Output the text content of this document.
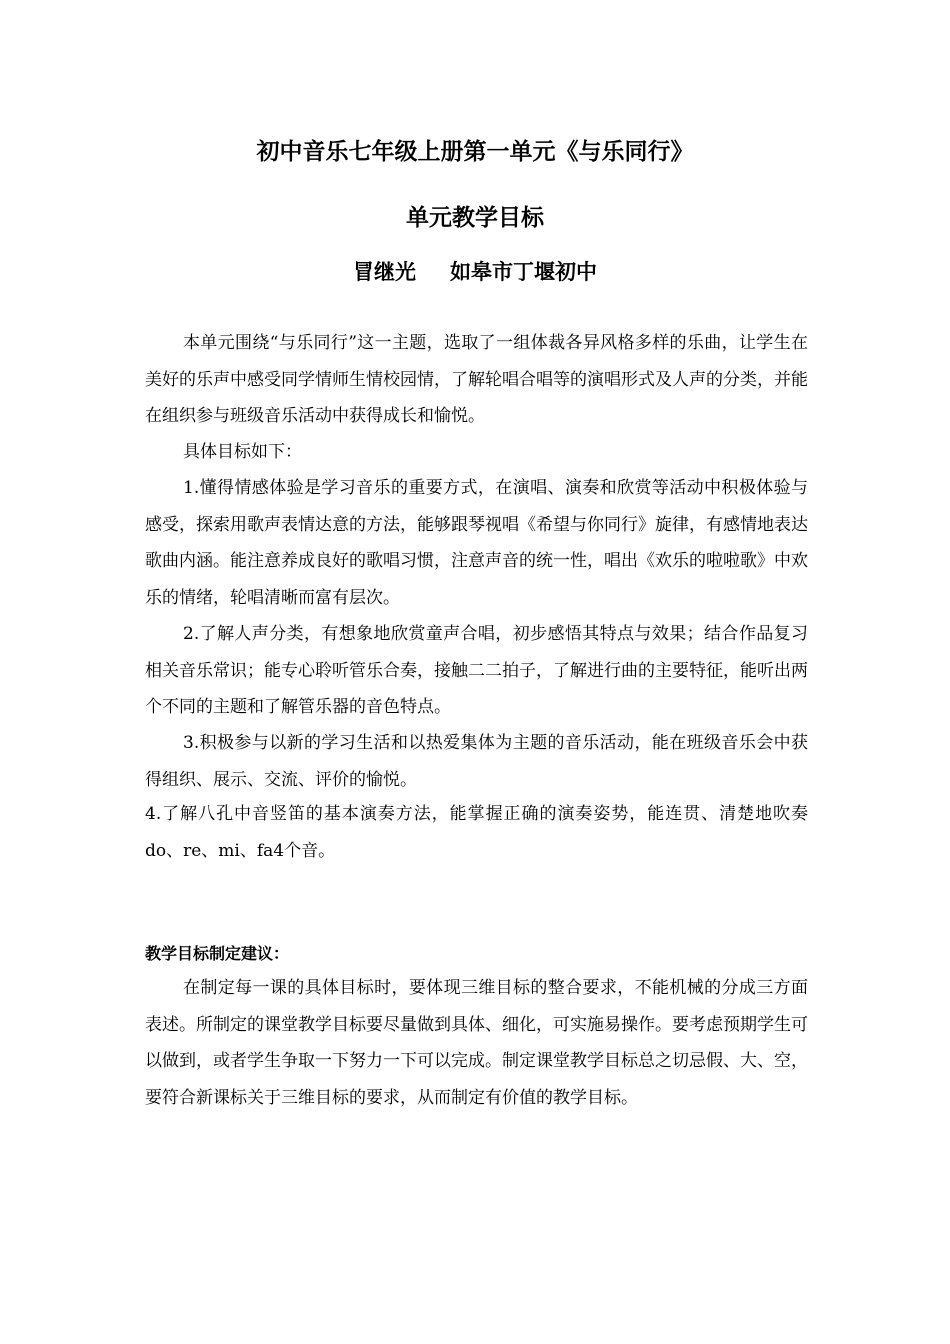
初中音乐七年级上册第一单元《与乐同行》
单元教学目标
冒继光 如皋市丁堰初中

本单元围绕“与乐同行”这一主题，选取了一组体裁各异风格多样的乐曲，让学生在美好的乐声中感受同学情师生情校园情，了解轮唱合唱等的演唱形式及人声的分类，并能在组织参与班级音乐活动中获得成长和愉悦。

具体目标如下：

1.懂得情感体验是学习音乐的重要方式，在演唱、演奏和欣赏等活动中积极体验与感受，探索用歌声表情达意的方法，能够跟琴视唱《希望与你同行》旋律，有感情地表达歌曲内涵。能注意养成良好的歌唱习惯，注意声音的统一性，唱出《欢乐的啦啦歌》中欢乐的情绪，轮唱清晰而富有层次。

2.了解人声分类，有想象地欣赏童声合唱，初步感悟其特点与效果；结合作品复习相关音乐常识；能专心聆听管乐合奏，接触二二拍子，了解进行曲的主要特征，能听出两个不同的主题和了解管乐器的音色特点。

3.积极参与以新的学习生活和以热爱集体为主题的音乐活动，能在班级音乐会中获得组织、展示、交流、评价的愉悦。

4.了解八孔中音竖笛的基本演奏方法，能掌握正确的演奏姿势，能连贯、清楚地吹奏do、re、mi、fa4个音。

教学目标制定建议：

在制定每一课的具体目标时，要体现三维目标的整合要求，不能机械的分成三方面表述。所制定的课堂教学目标要尽量做到具体、细化，可实施易操作。要考虑预期学生可以做到，或者学生争取一下努力一下可以完成。制定课堂教学目标总之切忌假、大、空，要符合新课标关于三维目标的要求，从而制定有价值的教学目标。
